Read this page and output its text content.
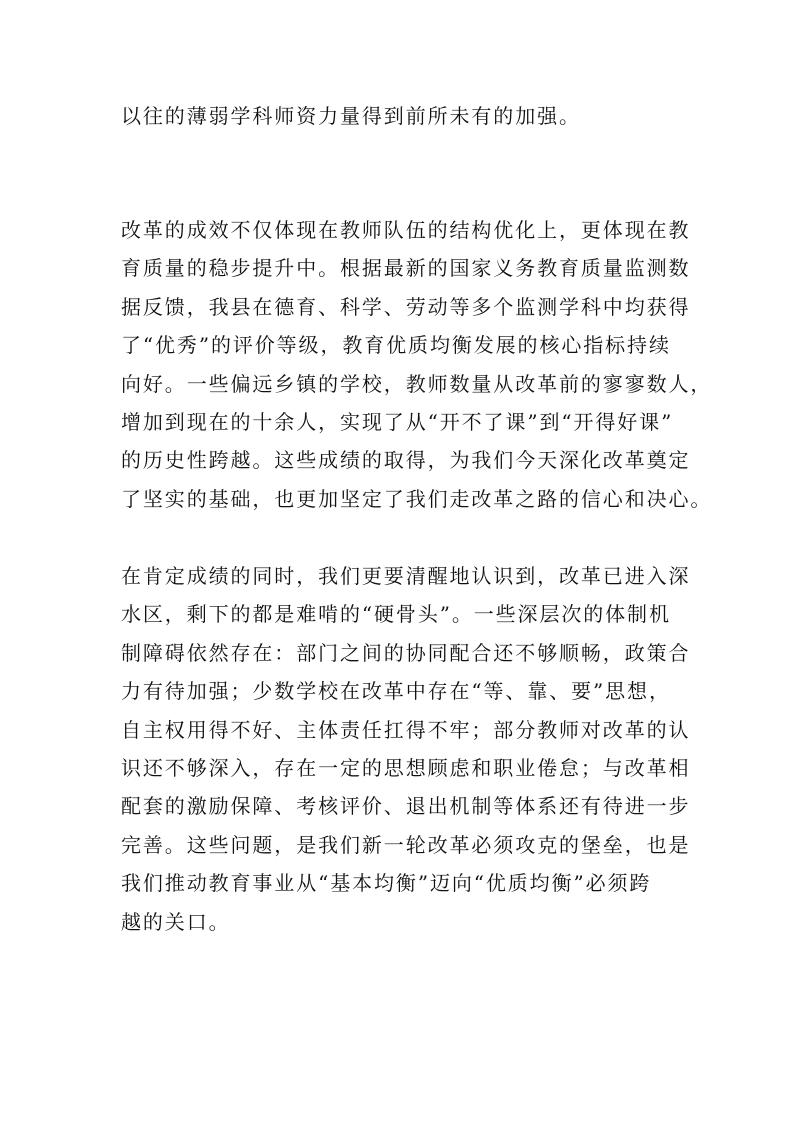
以往的薄弱学科师资力量得到前所未有的加强。

改革的成效不仅体现在教师队伍的结构优化上，更体现在教
育质量的稳步提升中。根据最新的国家义务教育质量监测数
据反馈，我县在德育、科学、劳动等多个监测学科中均获得
了“优秀”的评价等级，教育优质均衡发展的核心指标持续
向好。一些偏远乡镇的学校，教师数量从改革前的寥寥数人，
增加到现在的十余人，实现了从“开不了课”到“开得好课”
的历史性跨越。这些成绩的取得，为我们今天深化改革奠定
了坚实的基础，也更加坚定了我们走改革之路的信心和决心。

在肯定成绩的同时，我们更要清醒地认识到，改革已进入深
水区，剩下的都是难啃的“硬骨头”。一些深层次的体制机
制障碍依然存在：部门之间的协同配合还不够顺畅，政策合
力有待加强；少数学校在改革中存在“等、靠、要”思想，
自主权用得不好、主体责任扛得不牢；部分教师对改革的认
识还不够深入，存在一定的思想顾虑和职业倦怠；与改革相
配套的激励保障、考核评价、退出机制等体系还有待进一步
完善。这些问题，是我们新一轮改革必须攻克的堡垒，也是
我们推动教育事业从“基本均衡”迈向“优质均衡”必须跨
越的关口。
